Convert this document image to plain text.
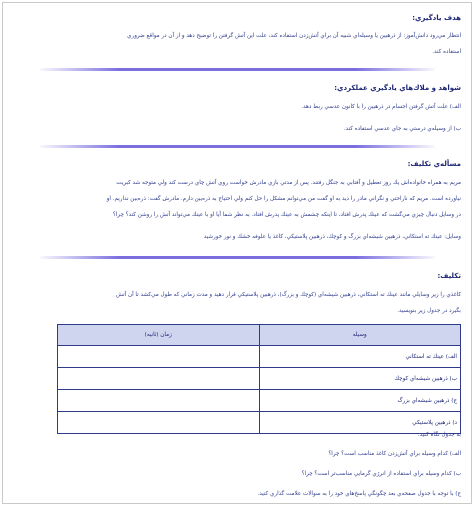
هدف يادگيري:
انتظار مي‌رود دانش‌آموز: از ذرهبين يا وسيله‌اي شبيه آن براي آتش‌زدن استفاده كند، علت اين آتش گرفتن را توضيح دهد و از آن در مواقع ضروري
استفاده كند.
شواهد و ملاك‌هاي يادگيري عملكردي:
الف) علت آتش گرفتن اجسام در ذرهبين را با كانون عدسي ربط دهد.
ب) از وسيله‌ي درستي به جاي عدسي استفاده كند.
مسأله‌ي تكليف:
مريم به همراه خانواده‌اش يك روز تعطيل و آفتابي به جنگل رفتند. پس از مدتي بازي مادرش خواست روي آتش چاي درست كند ولي متوجه شد كبريت
نياورده است. مريم كه ناراحتي و نگراني مادر را ديد به او گفت من مي‌توانم مشكل را حل كنم ولي احتياج به ذره‌بين دارم. مادرش گفت: ذره‌بين نداريم. او
در وسايل دنبال چيزي مي‌گشت كه عينك پدرش افتاد، تا اينكه چشمش به عينك پدرش افتاد. به نظر شما آيا او با عينك مي‌تواند آتش را روشن كند؟ چرا؟
وسايل: عينك ته استكاني، ذرهبين شيشه‌اي بزرگ و كوچك، ذرهبين پلاستيكي، كاغذ يا علوفه خشك و نور خورشيد
تكليف:
كاغذي را زير وسايلي مانند عينك ته استكاني، ذرهبين شيشه‌اي (كوچك و بزرگ)، ذرهبين پلاستيكي قرار دهيد و مدت زماني كه طول مي‌كشد تا آن آتش
بگيرد در جدول زير بنويسيد.
وسيله	زمان (ثانيه)
الف) عينك ته استكاني	
ب) ذرهبين شيشه‌اي كوچك	
ج) ذرهبين شيشه‌اي بزرگ	
د) ذرهبين پلاستيكي	
به جدول نگاه كنيد.
الف) كدام وسيله براي آتش‌زدن كاغذ مناسب است؟ چرا؟
ب) كدام وسيله براي استفاده از انرژي گرمايي مناسب‌تر است؟ چرا؟
ج) با توجه با جدول صفحه‌ي بعد چگونگي پاسخ‌هاي خود را به سوالات علامت گذاري كنيد.
